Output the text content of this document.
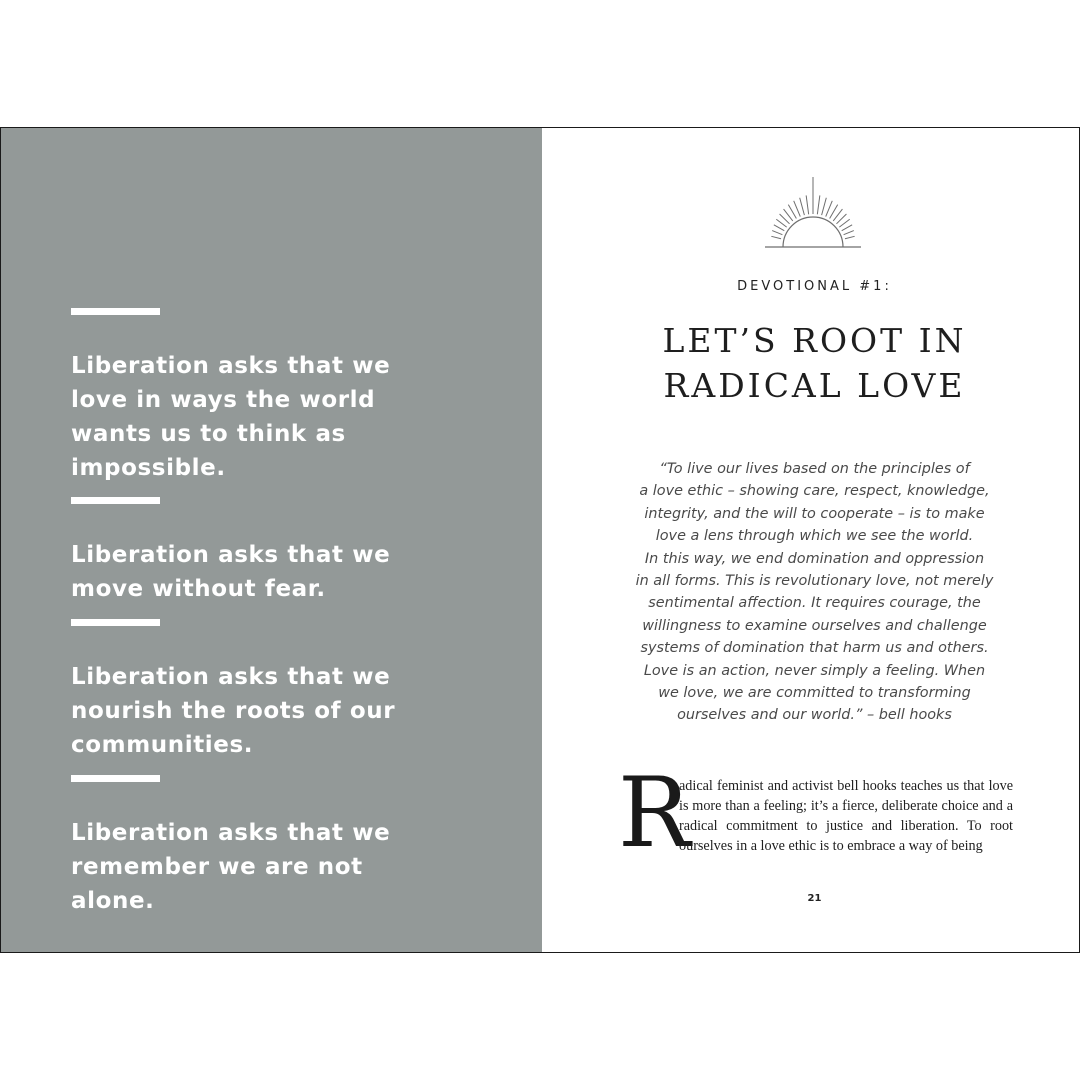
Liberation asks that we
love in ways the world
wants us to think as
impossible.
Liberation asks that we
move without fear.
Liberation asks that we
nourish the roots of our
communities.
Liberation asks that we
remember we are not alone.
DEVOTIONAL #1:
LET’S ROOT IN
RADICAL LOVE
“To live our lives based on the principles of
a love ethic – showing care, respect, knowledge,
integrity, and the will to cooperate – is to make
love a lens through which we see the world.
In this way, we end domination and oppression
in all forms. This is revolutionary love, not merely
sentimental affection. It requires courage, the
willingness to examine ourselves and challenge
systems of domination that harm us and others.
Love is an action, never simply a feeling. When
we love, we are committed to transforming
ourselves and our world.” – bell hooks
R
adical feminist and activist bell hooks teaches us that love is more than a feeling; it’s a fierce, deliberate choice and a radical commitment to justice and liberation. To root ourselves in a love ethic is to embrace a way of being
21
